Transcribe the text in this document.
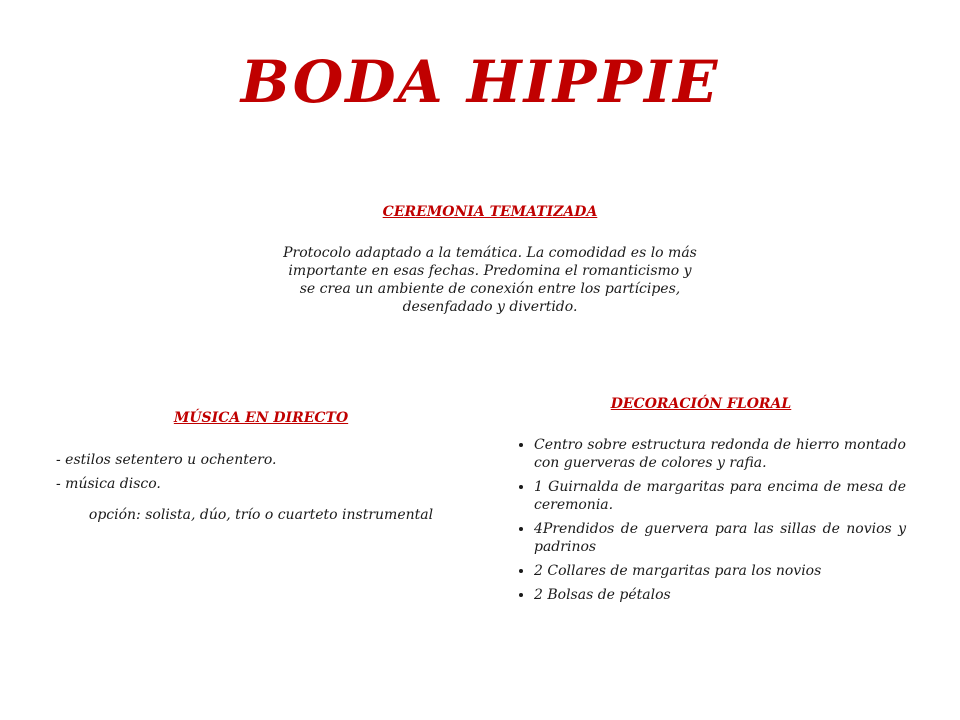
BODA HIPPIE

CEREMONIA TEMATIZADA

Protocolo adaptado a la temática. La comodidad es lo más importante en esas fechas. Predomina el romanticismo y se crea un ambiente de conexión entre los partícipes, desenfadado y divertido.

MÚSICA EN DIRECTO

- estilos setentero u ochentero.
- música disco.

opción: solista, dúo, trío o cuarteto instrumental

DECORACIÓN FLORAL

• Centro sobre estructura redonda de hierro montado con guerveras de colores y rafia.
• 1 Guirnalda de margaritas para encima de mesa de ceremonia.
• 4Prendidos de guervera para las sillas de novios y padrinos
• 2 Collares de margaritas para los novios
• 2 Bolsas de pétalos
